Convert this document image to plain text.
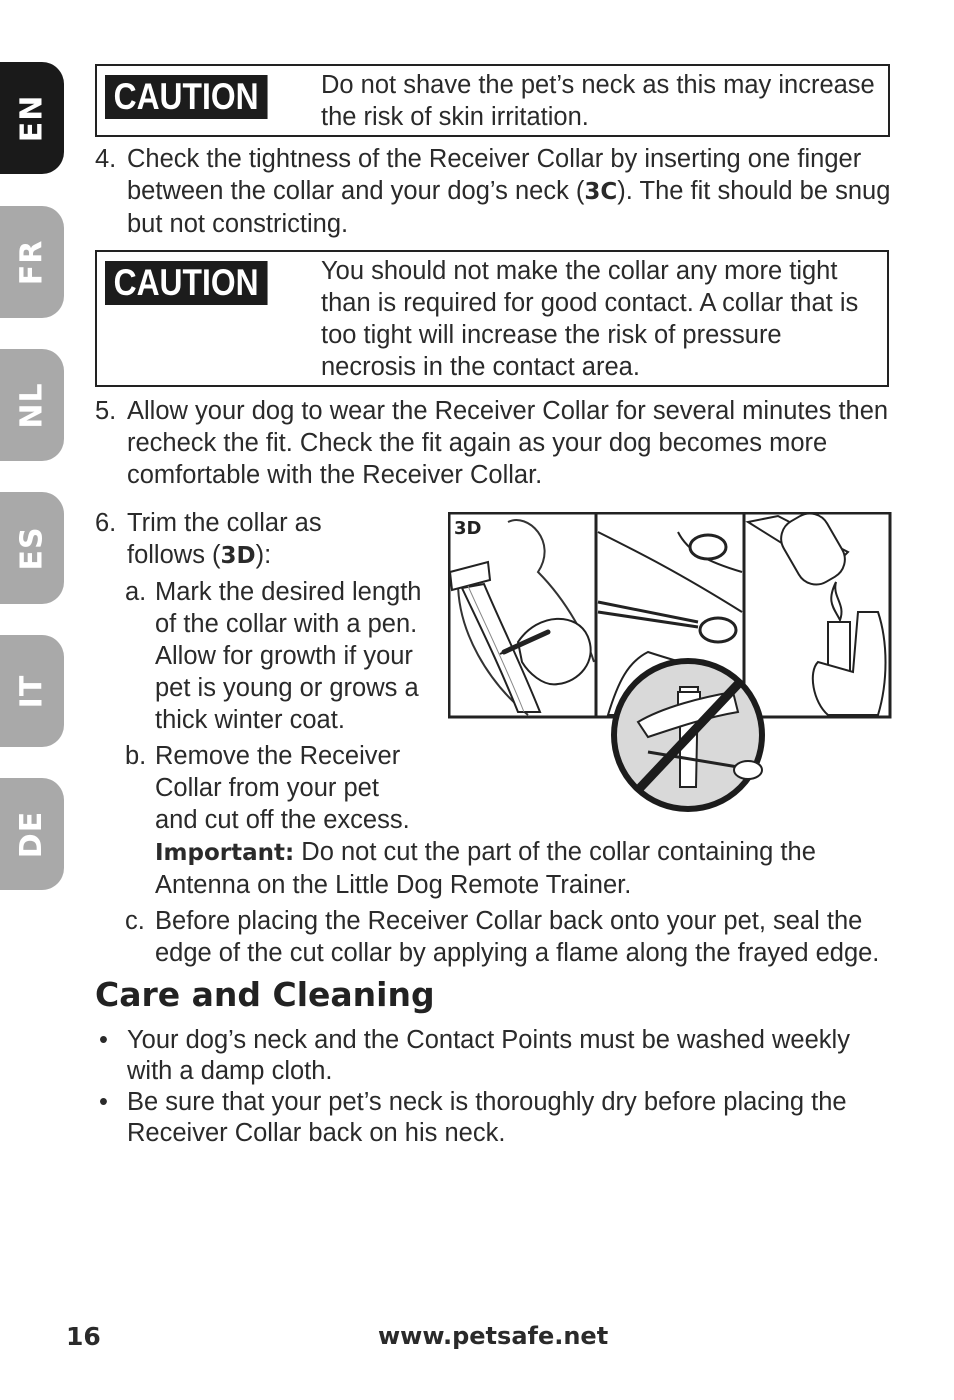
EN
FR
NL
ES
IT
DE
CAUTION	Do not shave the pet’s neck as this may increase the risk of skin irritation.
4. Check the tightness of the Receiver Collar by inserting one finger between the collar and your dog’s neck (3C). The fit should be snug but not constricting.
CAUTION	You should not make the collar any more tight than is required for good contact. A collar that is too tight will increase the risk of pressure necrosis in the contact area.
5. Allow your dog to wear the Receiver Collar for several minutes then recheck the fit. Check the fit again as your dog becomes more comfortable with the Receiver Collar.
6. Trim the collar as
follows (3D):
a. Mark the desired length
of the collar with a pen.
Allow for growth if your
pet is young or grows a
thick winter coat.
b. Remove the Receiver
Collar from your pet
and cut off the excess.
Important: Do not cut the part of the collar containing the Antenna on the Little Dog Remote Trainer.
c. Before placing the Receiver Collar back onto your pet, seal the edge of the cut collar by applying a flame along the frayed edge.
Care and Cleaning
• Your dog’s neck and the Contact Points must be washed weekly with a damp cloth.
• Be sure that your pet’s neck is thoroughly dry before placing the Receiver Collar back on his neck.
3D
16	www.petsafe.net
